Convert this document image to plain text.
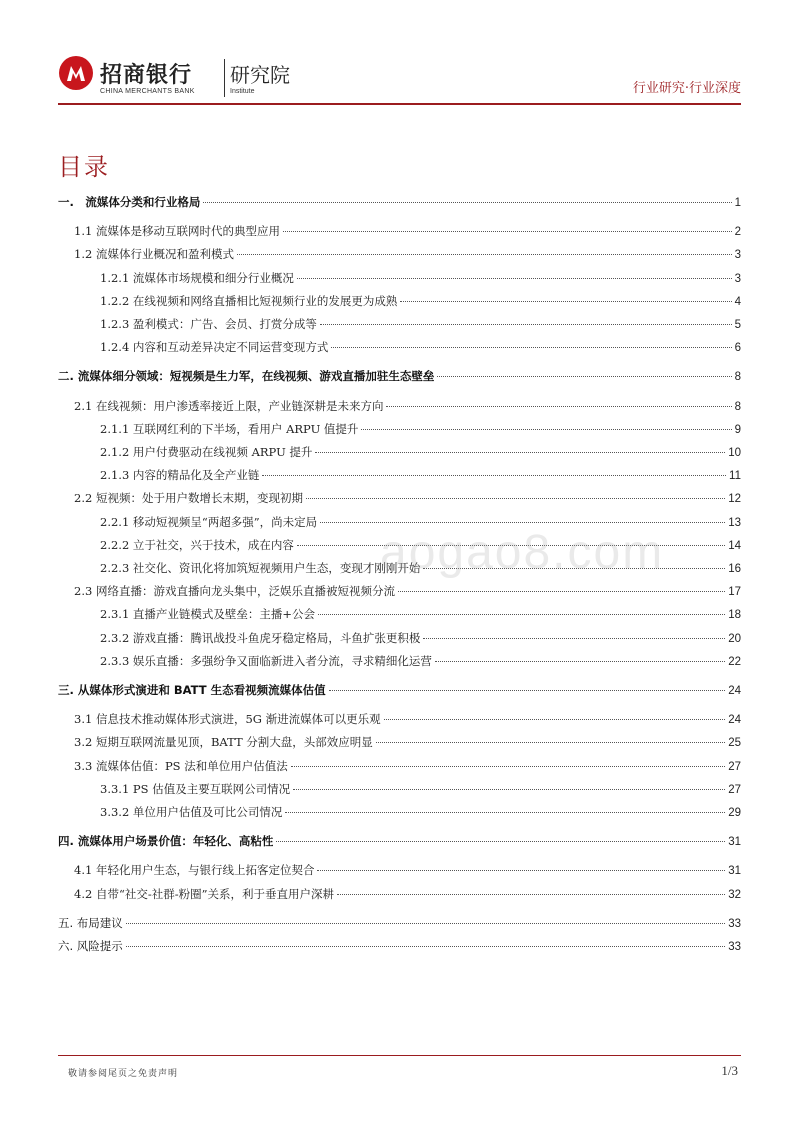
招商银行
CHINA MERCHANTS BANK
研究院
Institute	行业研究·行业深度
目录
一.　流媒体分类和行业格局	1
1.1 流媒体是移动互联网时代的典型应用	2
1.2 流媒体行业概况和盈利模式	3
1.2.1 流媒体市场规模和细分行业概况	3
1.2.2 在线视频和网络直播相比短视频行业的发展更为成熟	4
1.2.3 盈利模式：广告、会员、打赏分成等	5
1.2.4 内容和互动差异决定不同运营变现方式	6
二. 流媒体细分领域：短视频是生力军，在线视频、游戏直播加驻生态壁垒	8
2.1 在线视频：用户渗透率接近上限，产业链深耕是未来方向	8
2.1.1 互联网红利的下半场，看用户 ARPU 值提升	9
2.1.2 用户付费驱动在线视频 ARPU 提升	10
2.1.3 内容的精品化及全产业链	11
2.2 短视频：处于用户数增长末期，变现初期	12
2.2.1 移动短视频呈“两超多强”，尚未定局	13
2.2.2 立于社交，兴于技术，成在内容	14
2.2.3 社交化、资讯化将加筑短视频用户生态，变现才刚刚开始	16
2.3 网络直播：游戏直播向龙头集中，泛娱乐直播被短视频分流	17
2.3.1 直播产业链模式及壁垒：主播+公会	18
2.3.2 游戏直播：腾讯战投斗鱼虎牙稳定格局，斗鱼扩张更积极	20
2.3.3 娱乐直播：多强纷争又面临新进入者分流，寻求精细化运营	22
三. 从媒体形式演进和 BATT 生态看视频流媒体估值	24
3.1 信息技术推动媒体形式演进，5G 渐进流媒体可以更乐观	24
3.2 短期互联网流量见顶，BATT 分割大盘，头部效应明显	25
3.3 流媒体估值：PS 法和单位用户估值法	27
3.3.1 PS 估值及主要互联网公司情况	27
3.3.2 单位用户估值及可比公司情况	29
四. 流媒体用户场景价值：年轻化、高粘性	31
4.1 年轻化用户生态，与银行线上拓客定位契合	31
4.2 自带“社交-社群-粉圈”关系，利于垂直用户深耕	32
五. 布局建议	33
六. 风险提示	33
aogao8.com
敬请参阅尾页之免责声明	1/3
